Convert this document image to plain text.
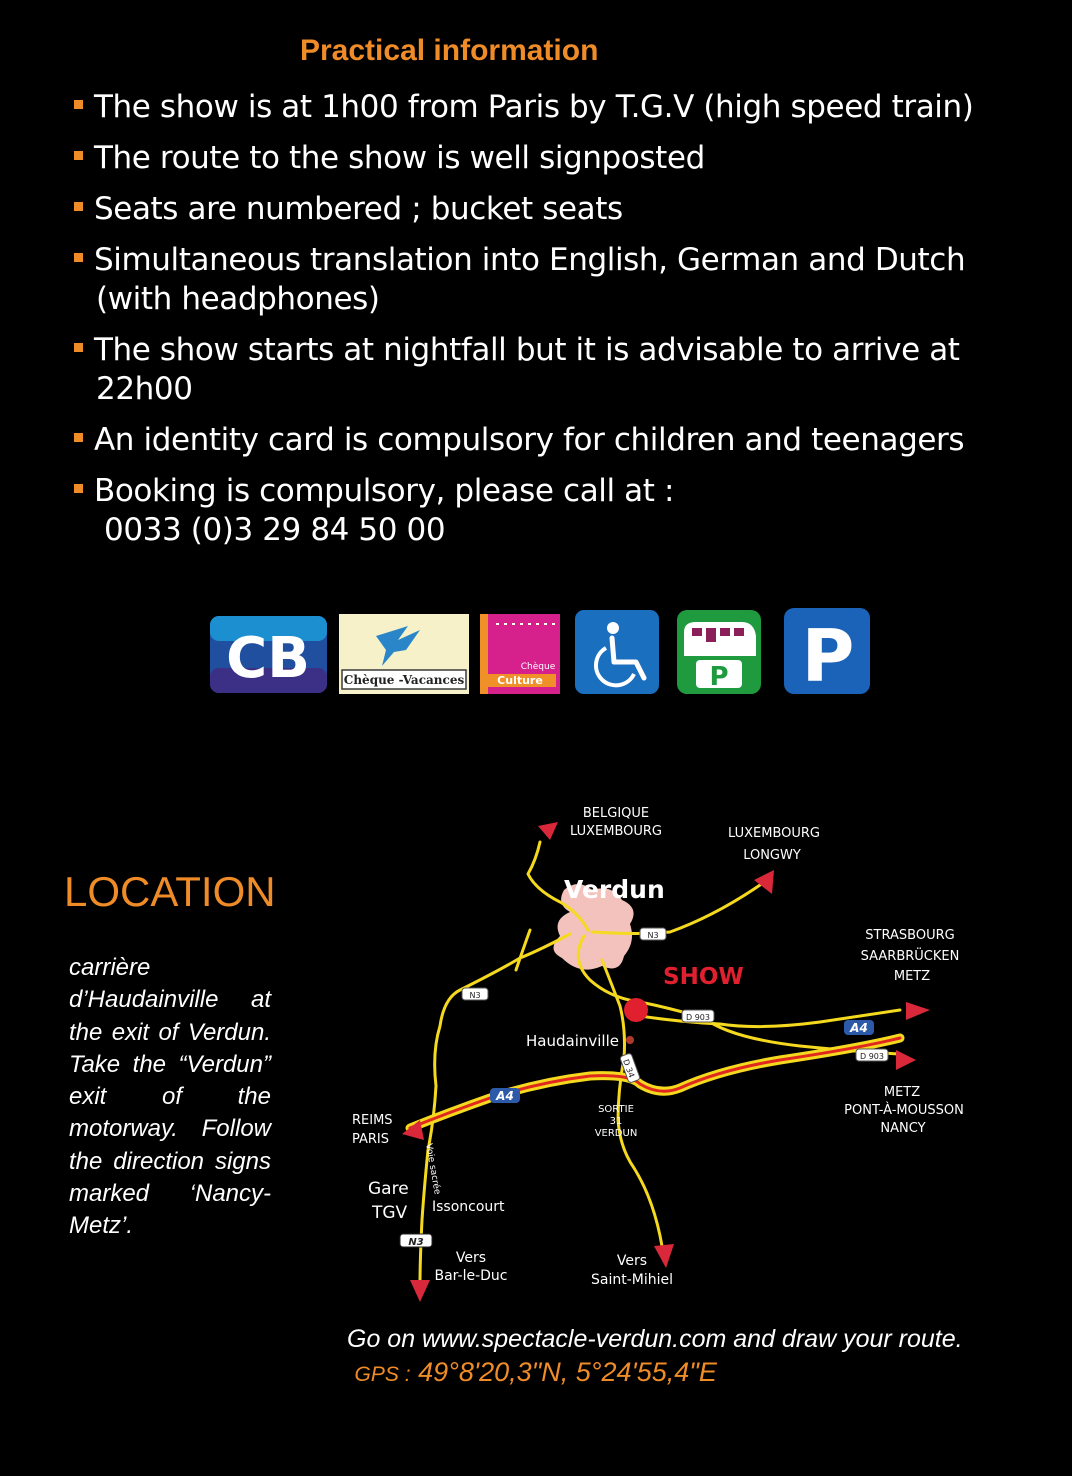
Practical information
The show is at 1h00 from Paris by T.G.V (high speed train)
The route to the show is well signposted
Seats are numbered ; bucket seats
Simultaneous translation into English, German and Dutch
(with headphones)
The show starts at nightfall but it is advisable to arrive at
22h00
An identity card is compulsory for children and teenagers
Booking is compulsory, please call at :
0033 (0)3 29 84 50 00
CB	Chèque -Vacances
Chèque
Culture	P P
LOCATION
carrière d’Haudainville at the exit of Verdun. Take the “Verdun” exit of the motorway. Follow the direction signs marked ‘Nancy-Metz’.
N3
N3
N3
D 903
D 903
D 34
A4
A4
BELGIQUE
LUXEMBOURG	LUXEMBOURG
LONGWY
Verdun
STRASBOURG
SAARBRÜCKEN
METZ
SHOW
Haudainville
REIMS
PARIS
Gare
TGV Issoncourt
Voie sacrée
SORTIE
31
VERDUN
METZ
PONT-À-MOUSSON
NANCY
Vers
Bar-le-Duc
Vers
Saint-Mihiel
Go on www.spectacle-verdun.com and draw your route.  GPS : 49°8'20,3"N, 5°24'55,4"E
